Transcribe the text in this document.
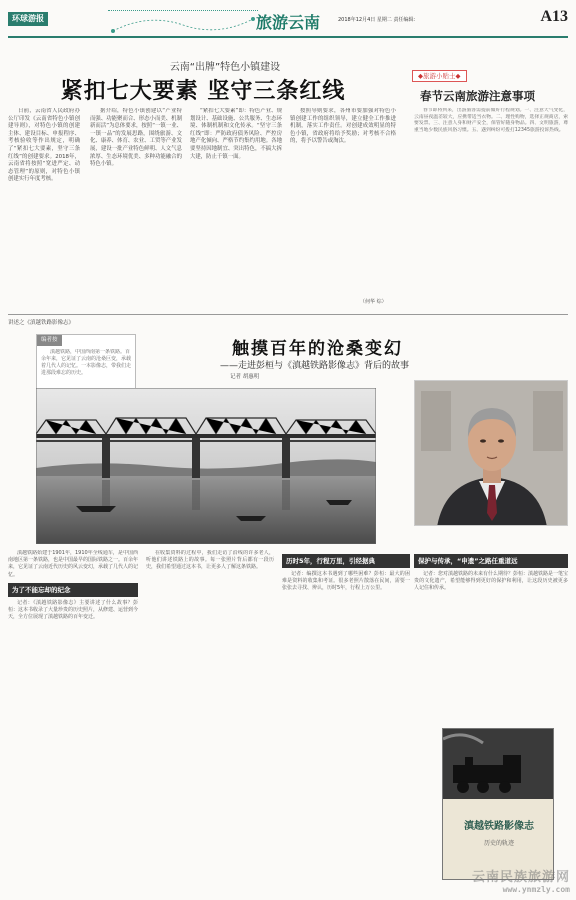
环球游报	旅游云南	2018年12月4日 星期二 责任编辑：	A13
云南“出牌”特色小镇建设
紧扣七大要素 坚守三条红线
日前，云南省人民政府办公厅印发《云南省特色小镇创建导则》，对特色小镇的创建主体、建设目标、申报程序、考核验收等作出规定，明确了“紧扣七大要素，坚守三条红线”的创建要求。2018年，云南省将按照“宽进严定、动态管理”的原则，对特色小镇创建实行年度考核。
据介绍，特色小镇创建以“产业特而强、功能聚而合、形态小而美、机制新而活”为总体要求，按照“一镇一业、一镇一品”的发展思路，围绕旅游、文化、康养、体育、农业、工贸等产业发展，建设一批产业特色鲜明、人文气息浓厚、生态环境优美、多种功能融合的特色小镇。
“紧扣七大要素”即：特色产业、规划设计、基础设施、公共服务、生态环境、体制机制和文化传承。“坚守三条红线”即：严防政府债务风险、严控房地产化倾向、严格节约集约用地。各地要坚持因地制宜、突出特色，不搞大拆大建，防止千镇一面。
按照导则要求，各州市要加强对特色小镇创建工作的组织领导，建立健全工作推进机制，落实工作责任。对创建成效明显的特色小镇，省政府将给予奖励；对考核不合格的，将予以警告或淘汰。
（何华 综）
◆旅游小贴士◆
春节云南旅游注意事项
春节即将到来，出游旅客需提前做好行程规划。一、注意天气变化，云南昼夜温差较大，应携带适当衣物。二、理性购物，选择正规商店，索要发票。三、注意人身和财产安全，保管好随身物品。四、文明旅游，尊重当地少数民族风俗习惯。五、遇到纠纷可拨打12345旅游投诉热线。
讲述之《滇越铁路影像志》
编者按
滇越铁路，中国西南第一条铁路。百余年来，它见证了云南的沧桑巨变，承载着几代人的记忆。一本影像志，带我们走进那段难忘的历史。
触摸百年的沧桑变幻
——走进彭桓与《滇越铁路影像志》背后的故事
记者 胡惠明

滇越铁路始建于1901年，1910年全线通车，是中国西南地区第一条铁路，也是中国最早的国际铁路之一。百余年来，它见证了云南近代历史的风云变幻，承载了几代人的记忆。

为了不能忘却的纪念

记者：《滇越铁路影像志》主要讲述了什么故事？彭桓：这本书收录了大量珍贵的历史照片，从修建、运营到今天，全方位展现了滇越铁路的百年变迁。

在收集资料的过程中，我们走访了沿线的许多老人，听他们讲述铁路上的故事。每一张照片背后都有一段历史，我们希望通过这本书，让更多人了解这条铁路。

历时5年，行程万里，引经据典

记者：编撰这本书遇到了哪些困难？彭桓：最大的困难是资料的收集和考证。很多老照片散落在民间，需要一张张去寻找、辨认，历时5年，行程上万公里。

保护与传承，“申遗”之路任重道远

记者：您对滇越铁路的未来有什么期待？彭桓：滇越铁路是一笔宝贵的文化遗产，希望能够得到更好的保护和利用，让这段历史被更多人记住和传承。

滇越铁路影像志
历史的轨迹
云南民族旅游网
www.ynmzly.com
